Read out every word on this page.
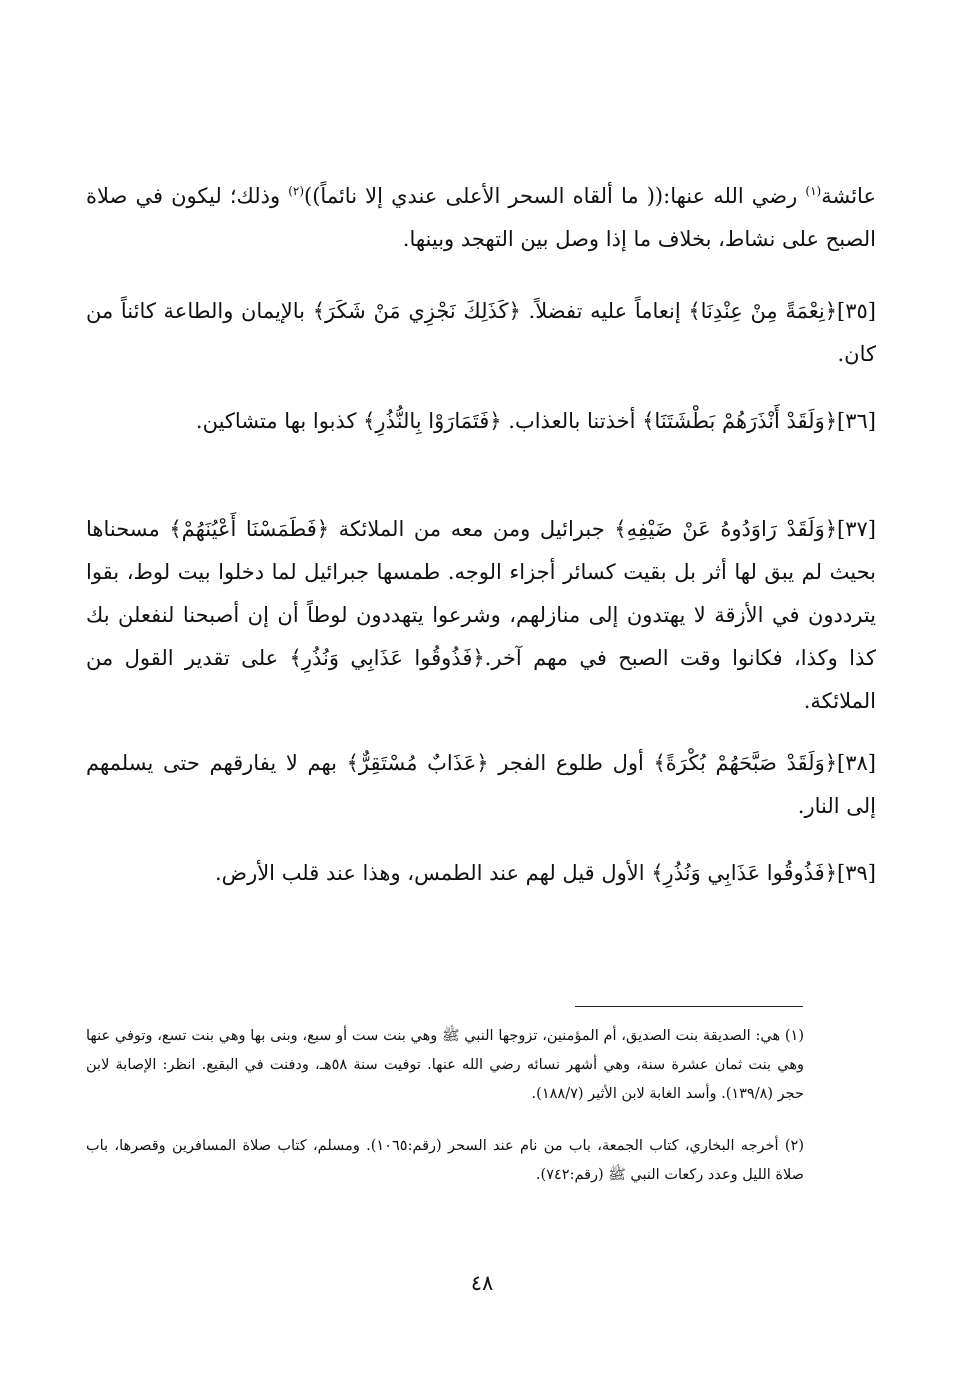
عائشة$^{(١)}$ رضي الله عنها:(( ما ألقاه السحر الأعلى عندي إلا نائماً))$^{(٢)}$ وذلك؛ ليكون في صلاة الصبح على نشاط، بخلاف ما إذا وصل بين التهجد وبينها.

[٣٥]﴿نِعْمَةً مِنْ عِنْدِنَا﴾ إنعاماً عليه تفضلاً. ﴿كَذَلِكَ نَجْزِي مَنْ شَكَرَ﴾ بالإيمان والطاعة كائناً من كان.

[٣٦]﴿وَلَقَدْ أَنْذَرَهُمْ بَطْشَتَنَا﴾ أخذتنا بالعذاب. ﴿فَتَمَارَوْا بِالنُّذُرِ﴾ كذبوا بها متشاكين.

[٣٧]﴿وَلَقَدْ رَاوَدُوهُ عَنْ ضَيْفِهِ﴾ جبرائيل ومن معه من الملائكة ﴿فَطَمَسْنَا أَعْيُنَهُمْ﴾ مسحناها بحيث لم يبق لها أثر بل بقيت كسائر أجزاء الوجه. طمسها جبرائيل لما دخلوا بيت لوط، بقوا يترددون في الأزقة لا يهتدون إلى منازلهم، وشرعوا يتهددون لوطاً أن إن أصبحنا لنفعلن بك كذا وكذا، فكانوا وقت الصبح في مهم آخر.﴿فَذُوقُوا عَذَابِي وَنُذُرِ﴾ على تقدير القول من الملائكة.

[٣٨]﴿وَلَقَدْ صَبَّحَهُمْ بُكْرَةً﴾ أول طلوع الفجر ﴿عَذَابٌ مُسْتَقِرٌّ﴾ بهم لا يفارقهم حتى يسلمهم إلى النار.

[٣٩]﴿فَذُوقُوا عَذَابِي وَنُذُرِ﴾ الأول قيل لهم عند الطمس، وهذا عند قلب الأرض.

(١) هي: الصديقة بنت الصديق، أم المؤمنين، تزوجها النبي ﷺ وهي بنت ست أو سبع، وبنى بها وهي بنت تسع، وتوفي عنها وهي بنت ثمان عشرة سنة، وهي أشهر نسائه رضي الله عنها. توفيت سنة ٥٨هـ، ودفنت في البقيع. انظر: الإصابة لابن حجر (١٣٩/٨). وأسد الغابة لابن الأثير (١٨٨/٧).

(٢) أخرجه البخاري، كتاب الجمعة، باب من نام عند السحر (رقم:١٠٦٥). ومسلم، كتاب صلاة المسافرين وقصرها، باب صلاة الليل وعدد ركعات النبي ﷺ (رقم:٧٤٢).

٤٨
